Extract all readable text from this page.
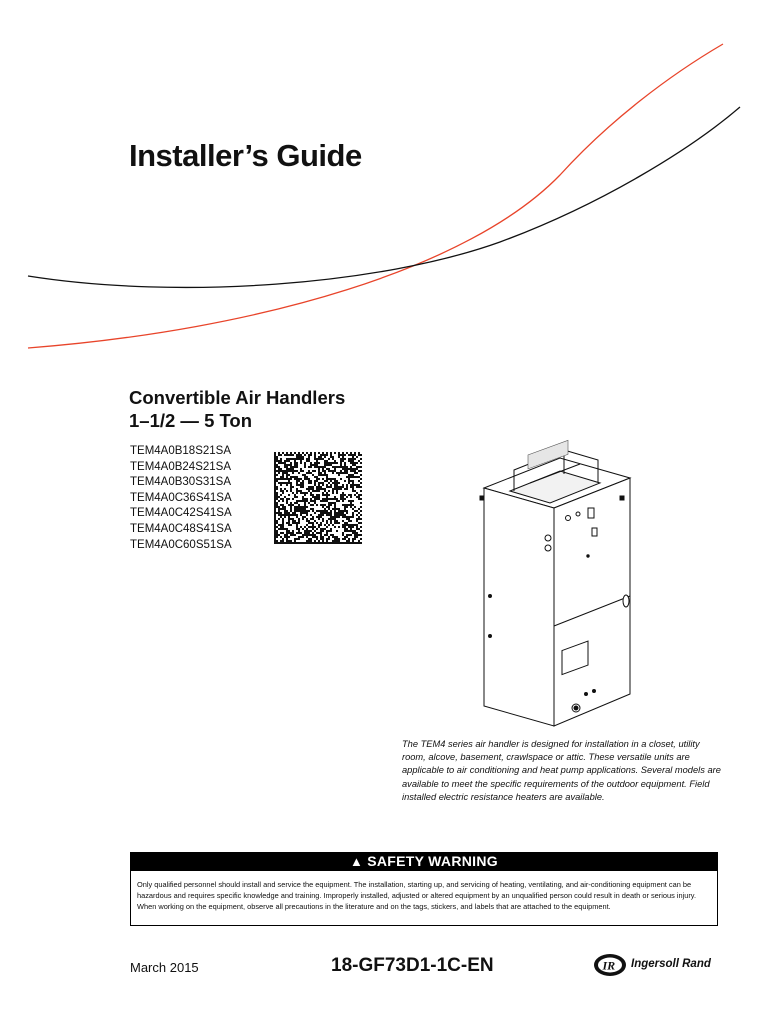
Installer’s Guide
Convertible Air Handlers
1–1/2 — 5 Ton
TEM4A0B18S21SA
TEM4A0B24S21SA
TEM4A0B30S31SA
TEM4A0C36S41SA
TEM4A0C42S41SA
TEM4A0C48S41SA
TEM4A0C60S51SA
The TEM4 series air handler is designed for installation in a closet, utility room, alcove, basement, crawlspace or attic. These versatile units are applicable to air conditioning and heat pump applications. Several models are available to meet the specific requirements of the outdoor equipment. Field installed electric resistance heaters are available.
▲ SAFETY WARNING
Only qualified personnel should install and service the equipment. The installation, starting up, and servicing of heating, ventilating, and air-conditioning equipment can be hazardous and requires specific knowledge and training. Improperly installed, adjusted or altered equipment by an unqualified person could result in death or serious injury. When working on the equipment, observe all precautions in the literature and on the tags, stickers, and labels that are attached to the equipment.
March 2015	18-GF73D1-1C-EN	IR Ingersoll Rand
